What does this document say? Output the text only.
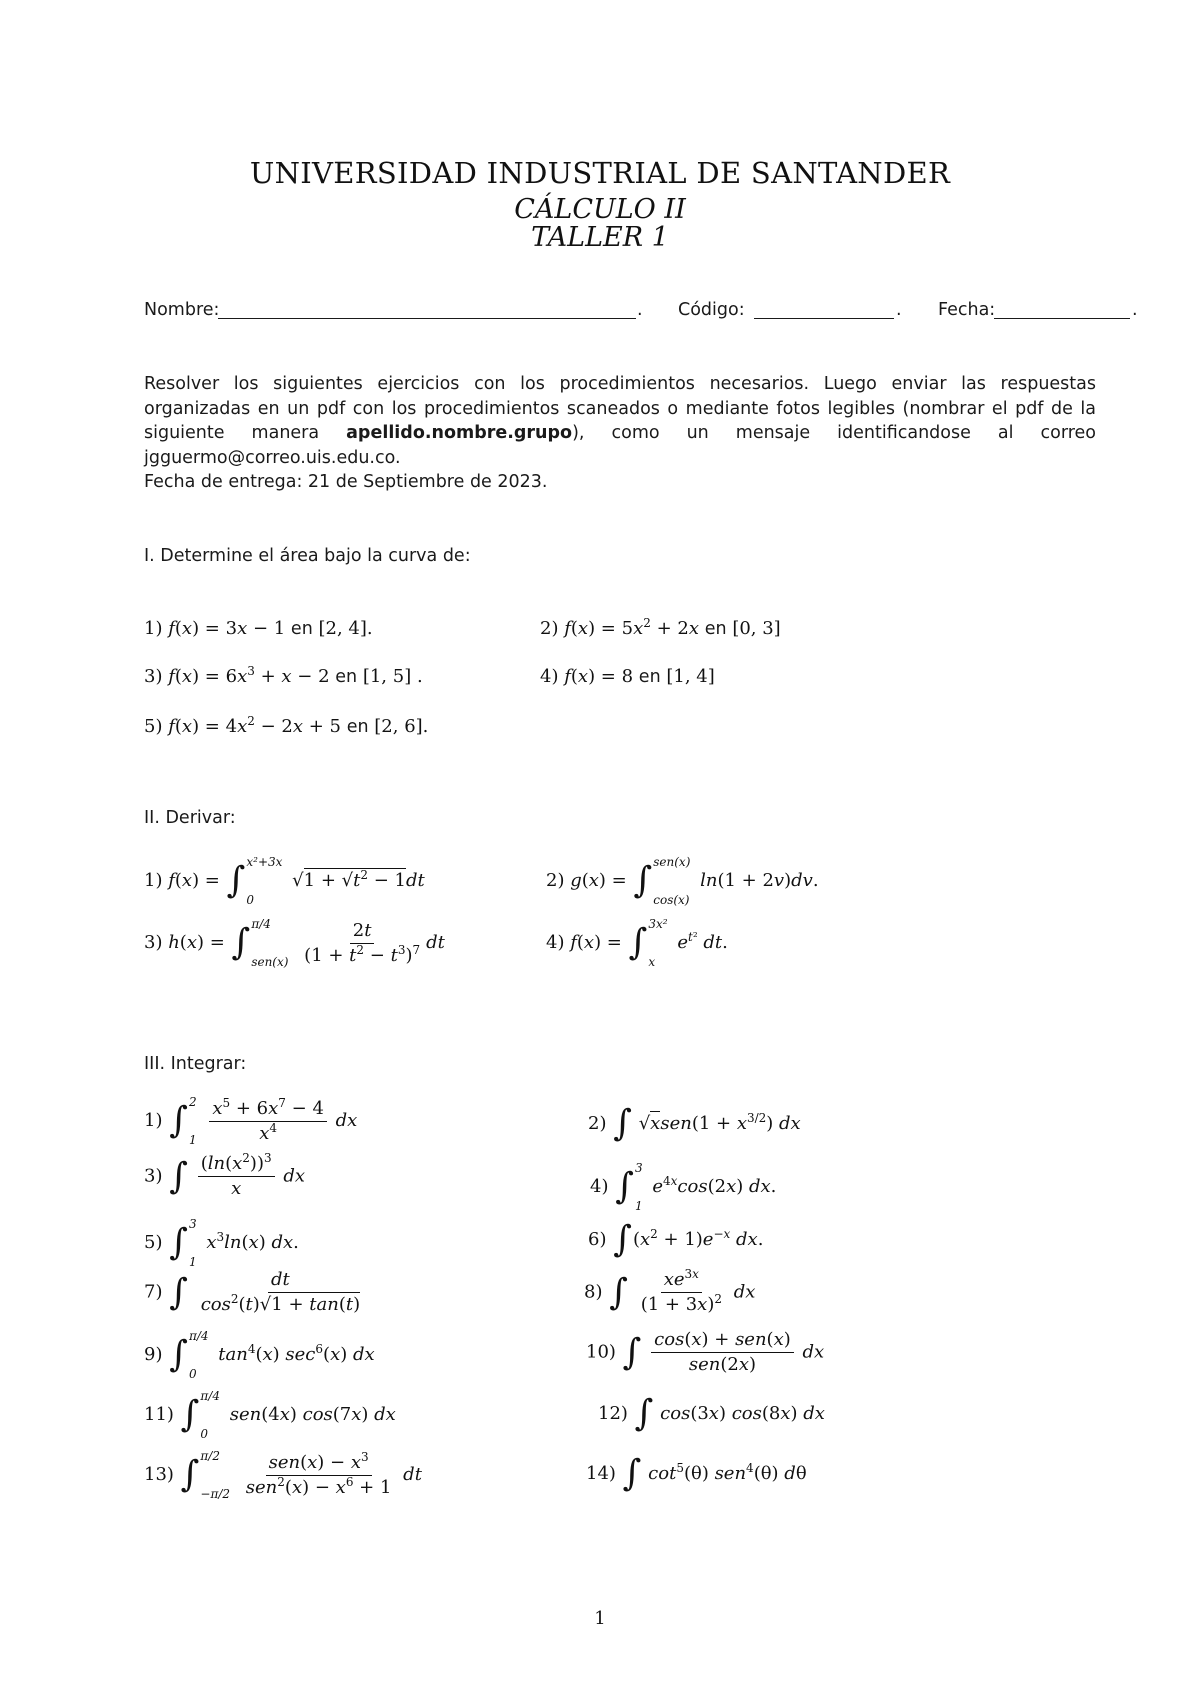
UNIVERSIDAD INDUSTRIAL DE SANTANDER
CÁLCULO II
TALLER 1
Nombre:	. Código:	. Fecha:	.
Resolver los siguientes ejercicios con los procedimientos necesarios. Luego enviar las respuestas organizadas en un pdf con los procedimientos scaneados o mediante fotos legibles (nombrar el pdf de la siguiente manera apellido.nombre.grupo), como un mensaje identificandose al correo jgguermo@correo.uis.edu.co.
Fecha de entrega: 21 de Septiembre de 2023.
I. Determine el área bajo la curva de:
1) f(x) = 3x − 1 en [2, 4].	2) $f(x) = 5x^2 + 2x$ en [0, 3]
3) $f(x) = 6x^3 + x - 2$ en [1, 5] .	4) f(x) = 8 en [1, 4]
5) $f(x) = 4x^2 - 2x + 5$ en [2, 6].
II. Derivar:
1) f(x) = ∫ x²+3x
0
$√1 + √t^2 - 1dt$	2) g(x) = ∫ sen(x)
cos(x)
ln(1 + 2v)dv.
3) h(x) = ∫ π/4
sen(x)
$\frac{2t}{(1 + t^2 - t^3)^7}$ dt	4) f(x) = ∫ 3x²
x
$e^{t^2}$ dt.
III. Integrar:
1) ∫ 2
1
$\frac{x^5 + 6x^7 - 4}{x^4}$ dx	2) ∫ √xsen(1 + $x^{3/2}$) dx
3) ∫ $\frac{(\ln(x^2))^3}{x}$ dx	4) ∫ 3
1
$e^{4x}\cos(2x)$ dx.
5) ∫ 3
1
$x^3\ln(x)$ dx.	6) $\int(x^2 + 1)e^{-x}$ dx.
7) ∫ $\frac{dt}{\cos^2(t)√1 + \tan(t)}$	8) ∫ $\frac{xe^{3x}}{(1 + 3x)^2}$ dx
9) ∫ π/4
0
$\tan^4(x)$ $\sec^6(x)$ dx	10) ∫ $\frac{\text{cos(x) + sen(x)}}{\text{sen(2x)}}$ dx
11) ∫ π/4
0
sen(4x) cos(7x) dx	12) ∫ cos(3x) cos(8x) dx
13) ∫ π/2
−π/2
$\frac{sen(x) - x^3}{sen^2(x) - x^6 + 1}$ dt	14) ∫ $\cot^5(\theta)$ sen$^4$(θ) dθ
1
